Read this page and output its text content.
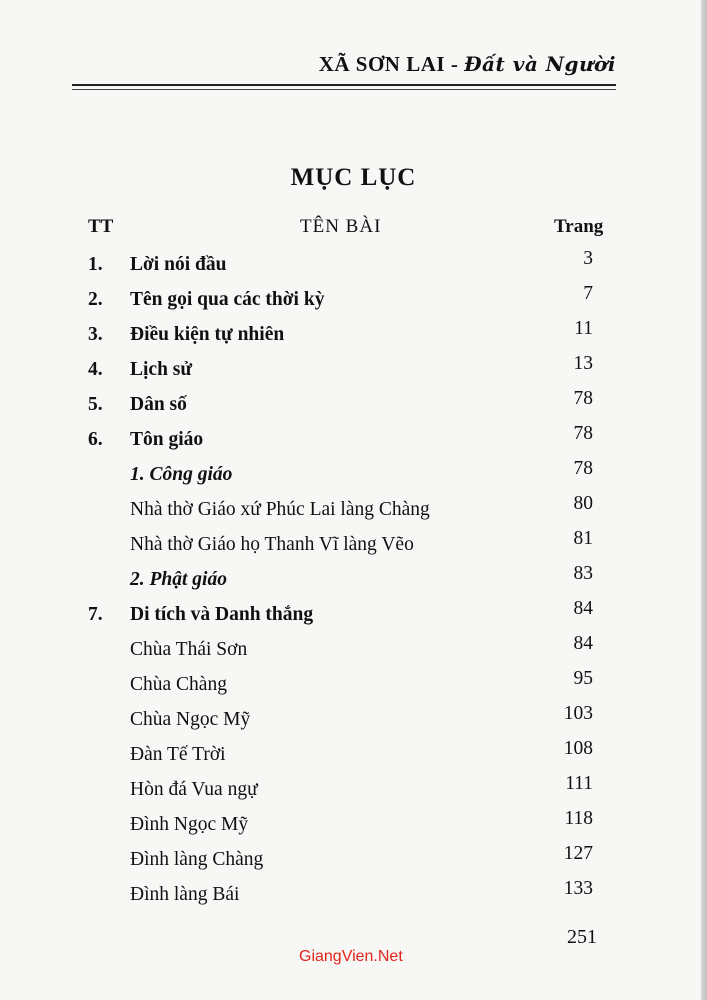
XÃ SƠN LAI - Đất và Người
MỤC LỤC
TT	TÊN BÀI	Trang
1. Lời nói đầu	3
2. Tên gọi qua các thời kỳ	7
3. Điều kiện tự nhiên	11
4. Lịch sử	13
5. Dân số	78
6. Tôn giáo	78
1. Công giáo	78
Nhà thờ Giáo xứ Phúc Lai làng Chàng	80
Nhà thờ Giáo họ Thanh Vĩ làng Vẽo	81
2. Phật giáo	83
7. Di tích và Danh thắng	84
Chùa Thái Sơn	84
Chùa Chàng	95
Chùa Ngọc Mỹ	103
Đàn Tế Trời	108
Hòn đá Vua ngự	111
Đình Ngọc Mỹ	118
Đình làng Chàng	127
Đình làng Bái	133
251
GiangVien.Net
